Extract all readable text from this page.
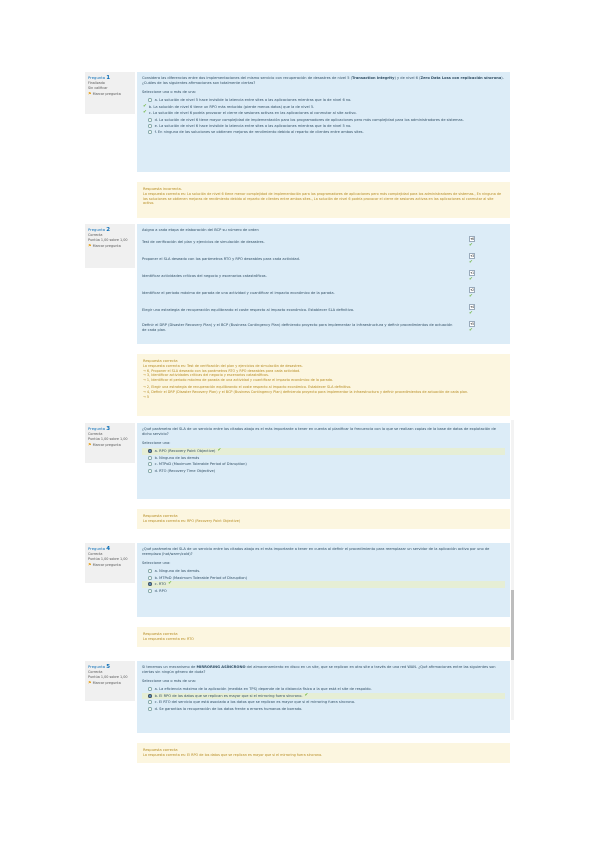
Pregunta 1
Finalizado
Sin calificar
⚑ Marcar pregunta
Considera las diferencias entre dos implementaciones del mismo servicio con recuperación de desastres de nivel 5 (Transaction Integrity) y de nivel 6 (Zero Data Loss con replicación síncrona). ¿Cuáles de las siguientes afirmaciones son totalmente ciertas?
Seleccione una o más de una:
a. La solución de nivel 5 hace invisible la latencia entre sites a las aplicaciones mientras que la de nivel 6 no.
✔ b. La solución de nivel 6 tiene un RPO más reducido (pierde menos datos) que la de nivel 5.
✔ c. La solución de nivel 6 podría provocar el cierre de sesiones activas en las aplicaciones al conmutar al site activo.
d. La solución de nivel 6 tiene mayor complejidad de implementación para los programadores de aplicaciones pero más complejidad para los administradores de sistemas.
e. La solución de nivel 6 hace invisible la latencia entre sites a las aplicaciones mientras que la de nivel 5 no.
f. En ninguna de las soluciones se obtienen mejoras de rendimiento debido al reparto de clientes entre ambos sites.
Respuesta incorrecta.
La respuesta correcta es: La solución de nivel 6 tiene menor complejidad de implementación para los programadores de aplicaciones pero más complejidad para los administradores de sistemas., En ninguna de las soluciones se obtienen mejoras de rendimiento debido al reparto de clientes entre ambos sites., La solución de nivel 6 podría provocar el cierre de sesiones activas en las aplicaciones al conmutar al site activo.
Pregunta 2
Correcta
Puntúa 1,00 sobre 1,00
⚑ Marcar pregunta
Asigna a cada etapa de elaboración del BCP su número de orden
Test de verificación del plan y ejercicios de simulación de desastres.
6 ▾
✔
Proponer el SLA deseado con los parámetros RTO y RPO deseables para cada actividad.
3 ▾
✔
Identificar actividades críticas del negocio y escenarios catastróficos.
1 ▾
✔
Identificar el periodo máximo de parada de una actividad y cuantificar el impacto económico de la parada.
2 ▾
✔
Elegir una estrategia de recuperación equilibrando el coste respecto al impacto económico. Establecer SLA definitivo.
4 ▾
✔
Definir el DRP (Disaster Recovery Plan) y el BCP (Business Contingency Plan) definiendo proyecto para implementar la infraestructura y definir procedimientos de actuación de cada plan.
5 ▾
✔
Respuesta correcta
La respuesta correcta es: Test de verificación del plan y ejercicios de simulación de desastres.
→ 6, Proponer el SLA deseado con los parámetros RTO y RPO deseables para cada actividad.
→ 3, Identificar actividades críticas del negocio y escenarios catastróficos.
→ 1, Identificar el periodo máximo de parada de una actividad y cuantificar el impacto económico de la parada.
→ 2, Elegir una estrategia de recuperación equilibrando el coste respecto al impacto económico. Establecer SLA definitivo.
→ 4, Definir el DRP (Disaster Recovery Plan) y el BCP (Business Contingency Plan) definiendo proyecto para implementar la infraestructura y definir procedimientos de actuación de cada plan.
→ 5
Pregunta 3
Correcta
Puntúa 1,00 sobre 1,00
⚑ Marcar pregunta
¿Qué parámetro del SLA de un servicio entre los citados abajo es el más importante a tener en cuenta al planificar la frecuencia con la que se realizan copias de la base de datos de explotación de dicho servicio?
Seleccione una:
a. RPO (Recovery Point Objective) ✔
b. Ninguno de los demás
c. MTPoD (Maximum Tolerable Period of Disruption)
d. RTO (Recovery Time Objective)
Respuesta correcta
La respuesta correcta es: RPO (Recovery Point Objective)
Pregunta 4
Correcta
Puntúa 1,00 sobre 1,00
⚑ Marcar pregunta
¿Qué parámetro del SLA de un servicio entre los citados abajo es el más importante a tener en cuenta al definir el procedimiento para reemplazar un servidor de la aplicación activo por uno de reemplazo (hot/warm/cold)?
Seleccione una:
a. Ninguno de los demás.
b. MTPoD (Maximum Tolerable Period of Disruption)
c. RTO ✔
d. RPO
Respuesta correcta
La respuesta correcta es: RTO
Pregunta 5
Correcta
Puntúa 1,00 sobre 1,00
⚑ Marcar pregunta
Si tenemos un mecanismo de MIRRORING ASÍNCRONO del almacenamiento en disco en un site, que se replican en otro site a través de una red WAN. ¿Qué afirmaciones entre las siguientes son ciertas sin ningún género de duda?
Seleccione una o más de una:
a. La eficiencia máxima de la aplicación (medida en TPS) depende de la distancia física a la que está el site de respaldo.
b. El RPO de los datos que se replican es mayor que si el mirroring fuera síncrono. ✔
c. El RTO del servicio que está asociado a los datos que se replican es mayor que si el mirroring fuera síncrono.
d. Se garantiza la recuperación de los datos frente a errores humanos de borrado.
Respuesta correcta
La respuesta correcta es: El RPO de los datos que se replican es mayor que si el mirroring fuera síncrono.
